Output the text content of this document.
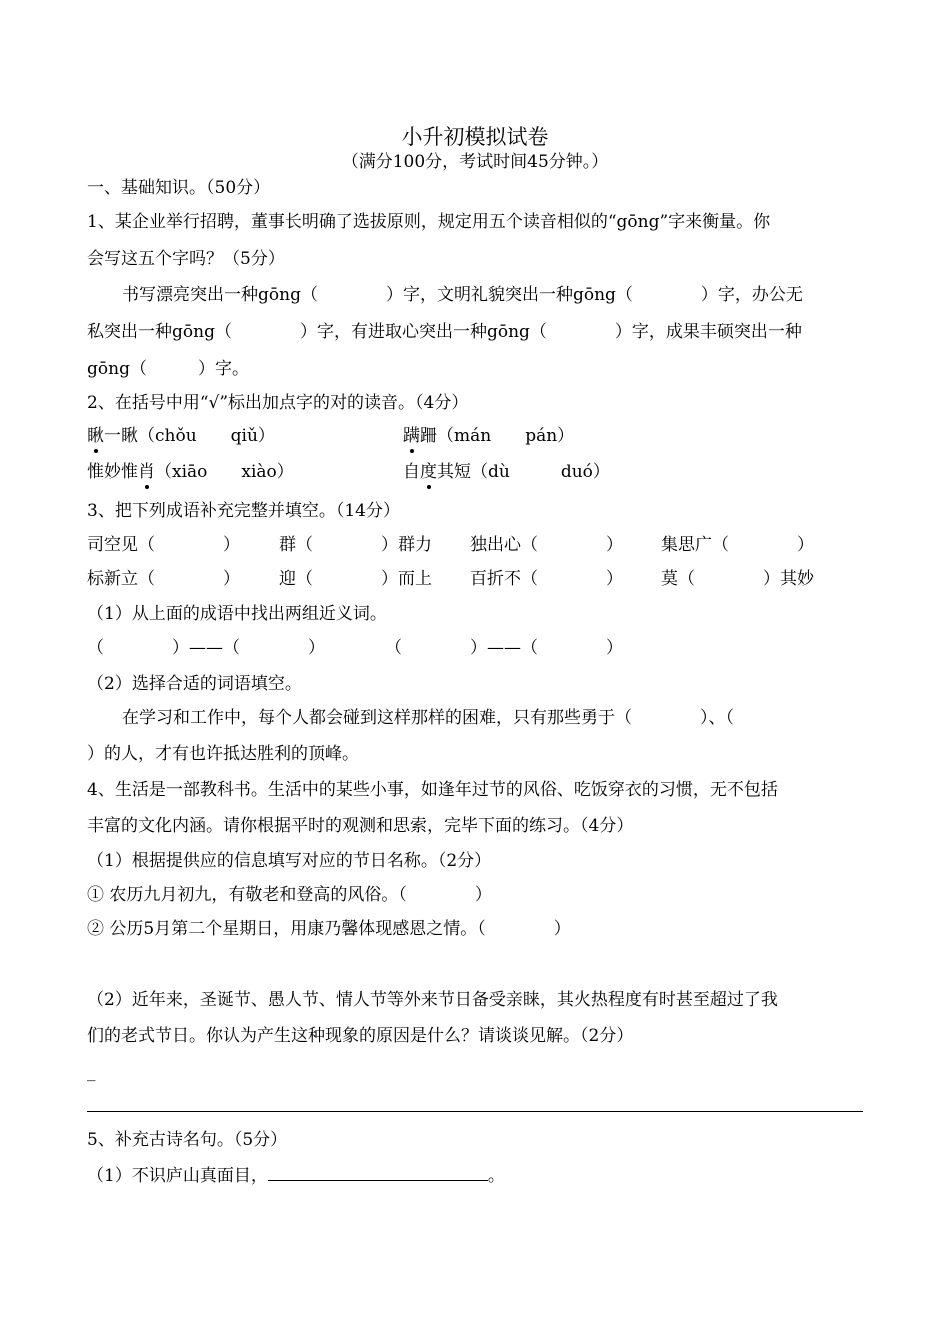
小升初模拟试卷
（满分100分，考试时间45分钟。）
一、基础知识。（50分）
1、某企业举行招聘，董事长明确了选拔原则，规定用五个读音相似的“gōng”字来衡量。你
会写这五个字吗？（5分）
书写漂亮突出一种gōng（　　　　）字，文明礼貌突出一种gōng（　　　　）字，办公无
私突出一种gōng（　　　　）字，有进取心突出一种gōng（　　　　）字，成果丰硕突出一种
gōng（　　　）字。
2、在括号中用“√”标出加点字的对的读音。（4分）
瞅一瞅（chǒu　　qiǔ）	蹒跚（mán　　pán）
惟妙惟肖（xiāo　　xiào）	自度其短（dù　　　duó）
3、把下列成语补充完整并填空。（14分）
司空见（　　　　） 群（　　　　）群力 独出心（　　　　） 集思广（　　　　）
标新立（　　　　） 迎（　　　　）而上 百折不（　　　　） 莫（　　　　）其妙
（1）从上面的成语中找出两组近义词。
（　　　　）——（　　　　）	（　　　　）——（　　　　）
（2）选择合适的词语填空。
在学习和工作中，每个人都会碰到这样那样的困难，只有那些勇于（　　　　）、（
）的人，才有也许抵达胜利的顶峰。
4、生活是一部教科书。生活中的某些小事，如逢年过节的风俗、吃饭穿衣的习惯，无不包括
丰富的文化内涵。请你根据平时的观测和思索，完毕下面的练习。（4分）
（1）根据提供应的信息填写对应的节日名称。（2分）
① 农历九月初九，有敬老和登高的风俗。（　　　　）
② 公历5月第二个星期日，用康乃馨体现感恩之情。（　　　　）
（2）近年来，圣诞节、愚人节、情人节等外来节日备受亲睐，其火热程度有时甚至超过了我
们的老式节日。你认为产生这种现象的原因是什么？请谈谈见解。（2分）
_
5、补充古诗名句。（5分）
（1）不识庐山真面目，	。
